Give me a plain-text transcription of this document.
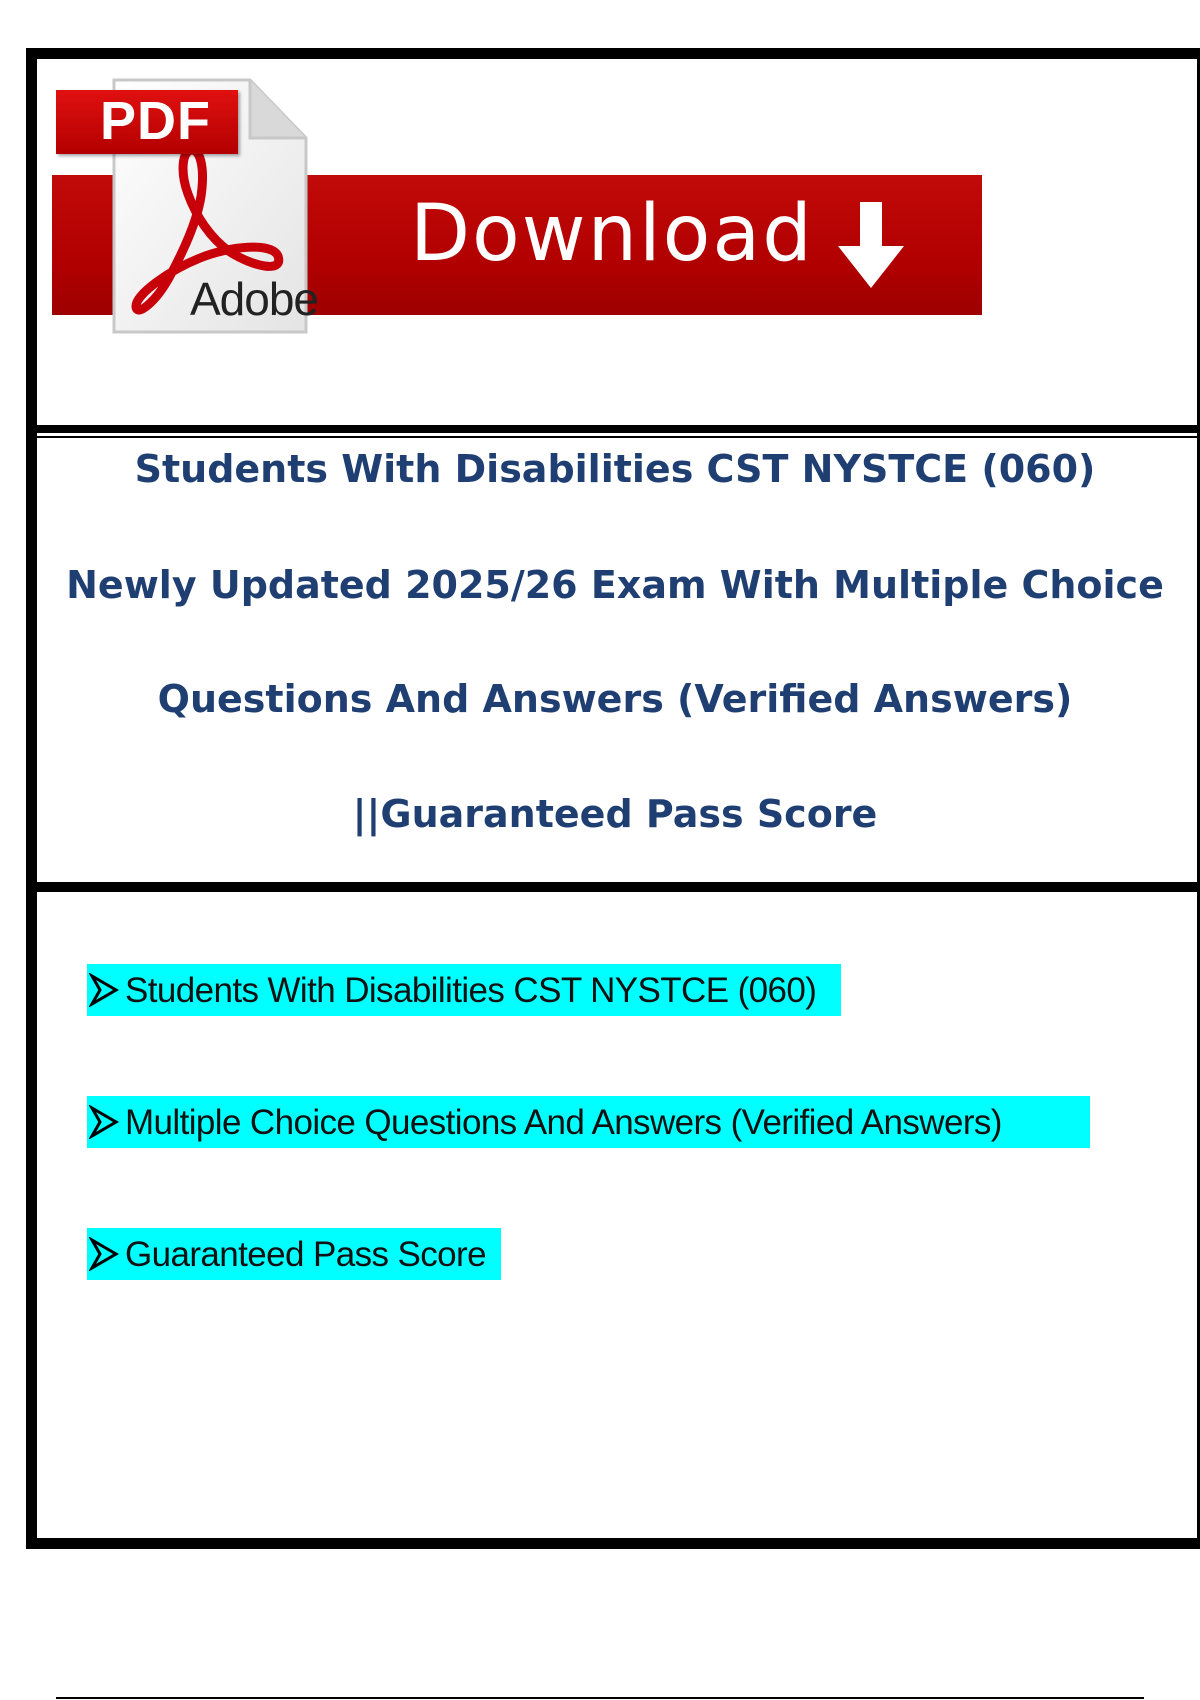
Download
PDF
Adobe
Students With Disabilities CST NYSTCE (060)
Newly Updated 2025/26 Exam With Multiple Choice
Questions And Answers (Verified Answers)
||Guaranteed Pass Score
Students With Disabilities CST NYSTCE (060)
Multiple Choice Questions And Answers (Verified Answers)
Guaranteed Pass Score
